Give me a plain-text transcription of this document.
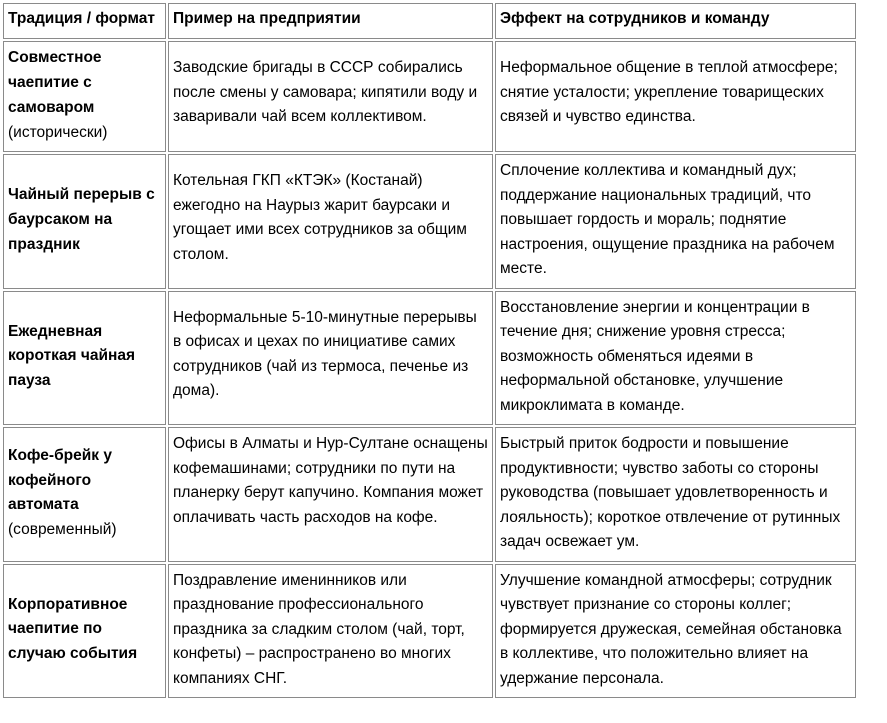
Традиция / формат	Пример на предприятии	Эффект на сотрудников и команду
Совместное чаепитие с самоваром (исторически)	Заводские бригады в СССР собирались после смены у самовара; кипятили воду и заваривали чай всем коллективом.	Неформальное общение в теплой атмосфере; снятие усталости; укрепление товарищеских связей и чувство единства.
Чайный перерыв с баурсаком на праздник	Котельная ГКП «КТЭК» (Костанай) ежегодно на Наурыз жарит баурсаки и угощает ими всех сотрудников за общим столом.	Сплочение коллектива и командный дух; поддержание национальных традиций, что повышает гордость и мораль; поднятие настроения, ощущение праздника на рабочем месте.
Ежедневная короткая чайная пауза	Неформальные 5-10-минутные перерывы в офисах и цехах по инициативе самих сотрудников (чай из термоса, печенье из дома).	Восстановление энергии и концентрации в течение дня; снижение уровня стресса; возможность обменяться идеями в неформальной обстановке, улучшение микроклимата в команде.
Кофе-брейк у кофейного автомата (современный)	Офисы в Алматы и Нур-Султане оснащены кофемашинами; сотрудники по пути на планерку берут капучино. Компания может оплачивать часть расходов на кофе.	Быстрый приток бодрости и повышение продуктивности; чувство заботы со стороны руководства (повышает удовлетворенность и лояльность); короткое отвлечение от рутинных задач освежает ум.
Корпоративное чаепитие по случаю события	Поздравление именинников или празднование профессионального праздника за сладким столом (чай, торт, конфеты) – распространено во многих компаниях СНГ.	Улучшение командной атмосферы; сотрудник чувствует признание со стороны коллег; формируется дружеская, семейная обстановка в коллективе, что положительно влияет на удержание персонала.
